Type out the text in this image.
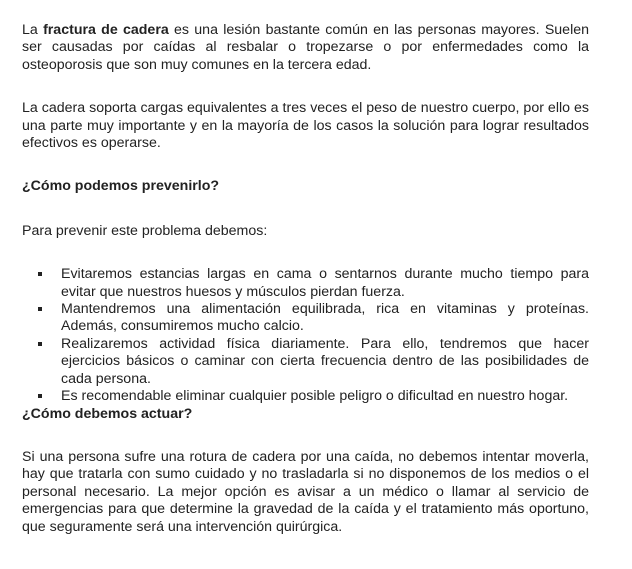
La fractura de cadera es una lesión bastante común en las personas mayores. Suelen ser causadas por caídas al resbalar o tropezarse o por enfermedades como la osteoporosis que son muy comunes en la tercera edad.

La cadera soporta cargas equivalentes a tres veces el peso de nuestro cuerpo, por ello es una parte muy importante y en la mayoría de los casos la solución para lograr resultados efectivos es operarse.

¿Cómo podemos prevenirlo?

Para prevenir este problema debemos:

Evitaremos estancias largas en cama o sentarnos durante mucho tiempo para evitar que nuestros huesos y músculos pierdan fuerza.
Mantendremos una alimentación equilibrada, rica en vitaminas y proteínas. Además, consumiremos mucho calcio.
Realizaremos actividad física diariamente. Para ello, tendremos que hacer ejercicios básicos o caminar con cierta frecuencia dentro de las posibilidades de cada persona.
Es recomendable eliminar cualquier posible peligro o dificultad en nuestro hogar.

¿Cómo debemos actuar?

Si una persona sufre una rotura de cadera por una caída, no debemos intentar moverla, hay que tratarla con sumo cuidado y no trasladarla si no disponemos de los medios o el personal necesario. La mejor opción es avisar a un médico o llamar al servicio de emergencias para que determine la gravedad de la caída y el tratamiento más oportuno, que seguramente será una intervención quirúrgica.
